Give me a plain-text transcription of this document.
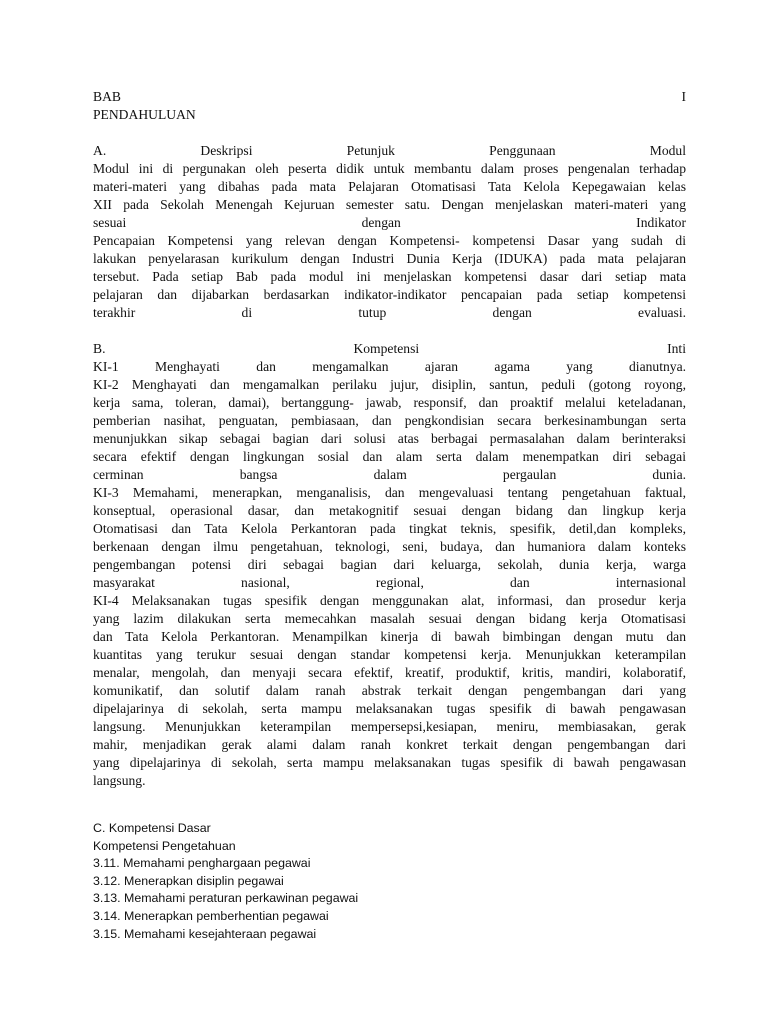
BAB I
PENDAHULUAN
A. Deskripsi Petunjuk Penggunaan Modul
Modul ini di pergunakan oleh peserta didik untuk membantu dalam proses pengenalan terhadap
materi-materi yang dibahas pada mata Pelajaran Otomatisasi Tata Kelola Kepegawaian kelas
XII pada Sekolah Menengah Kejuruan semester satu. Dengan menjelaskan materi-materi yang
sesuai dengan Indikator
Pencapaian Kompetensi yang relevan dengan Kompetensi- kompetensi Dasar yang sudah di
lakukan penyelarasan kurikulum dengan Industri Dunia Kerja (IDUKA) pada mata pelajaran
tersebut. Pada setiap Bab pada modul ini menjelaskan kompetensi dasar dari setiap mata
pelajaran dan dijabarkan berdasarkan indikator-indikator pencapaian pada setiap kompetensi
terakhir di tutup dengan evaluasi.
B. Kompetensi Inti
KI-1 Menghayati dan mengamalkan ajaran agama yang dianutnya.
KI-2 Menghayati dan mengamalkan perilaku jujur, disiplin, santun, peduli (gotong royong,
kerja sama, toleran, damai), bertanggung- jawab, responsif, dan proaktif melalui keteladanan,
pemberian nasihat, penguatan, pembiasaan, dan pengkondisian secara berkesinambungan serta
menunjukkan sikap sebagai bagian dari solusi atas berbagai permasalahan dalam berinteraksi
secara efektif dengan lingkungan sosial dan alam serta dalam menempatkan diri sebagai
cerminan bangsa dalam pergaulan dunia.
KI-3 Memahami, menerapkan, menganalisis, dan mengevaluasi tentang pengetahuan faktual,
konseptual, operasional dasar, dan metakognitif sesuai dengan bidang dan lingkup kerja
Otomatisasi dan Tata Kelola Perkantoran pada tingkat teknis, spesifik, detil,dan kompleks,
berkenaan dengan ilmu pengetahuan, teknologi, seni, budaya, dan humaniora dalam konteks
pengembangan potensi diri sebagai bagian dari keluarga, sekolah, dunia kerja, warga
masyarakat nasional, regional, dan internasional
KI-4 Melaksanakan tugas spesifik dengan menggunakan alat, informasi, dan prosedur kerja
yang lazim dilakukan serta memecahkan masalah sesuai dengan bidang kerja Otomatisasi
dan Tata Kelola Perkantoran. Menampilkan kinerja di bawah bimbingan dengan mutu dan
kuantitas yang terukur sesuai dengan standar kompetensi kerja. Menunjukkan keterampilan
menalar, mengolah, dan menyaji secara efektif, kreatif, produktif, kritis, mandiri, kolaboratif,
komunikatif, dan solutif dalam ranah abstrak terkait dengan pengembangan dari yang
dipelajarinya di sekolah, serta mampu melaksanakan tugas spesifik di bawah pengawasan
langsung. Menunjukkan keterampilan mempersepsi,kesiapan, meniru, membiasakan, gerak
mahir, menjadikan gerak alami dalam ranah konkret terkait dengan pengembangan dari
yang dipelajarinya di sekolah, serta mampu melaksanakan tugas spesifik di bawah pengawasan
langsung.
C. Kompetensi Dasar
Kompetensi Pengetahuan
3.11. Memahami penghargaan pegawai
3.12. Menerapkan disiplin pegawai
3.13. Memahami peraturan perkawinan pegawai
3.14. Menerapkan pemberhentian pegawai
3.15. Memahami kesejahteraan pegawai
